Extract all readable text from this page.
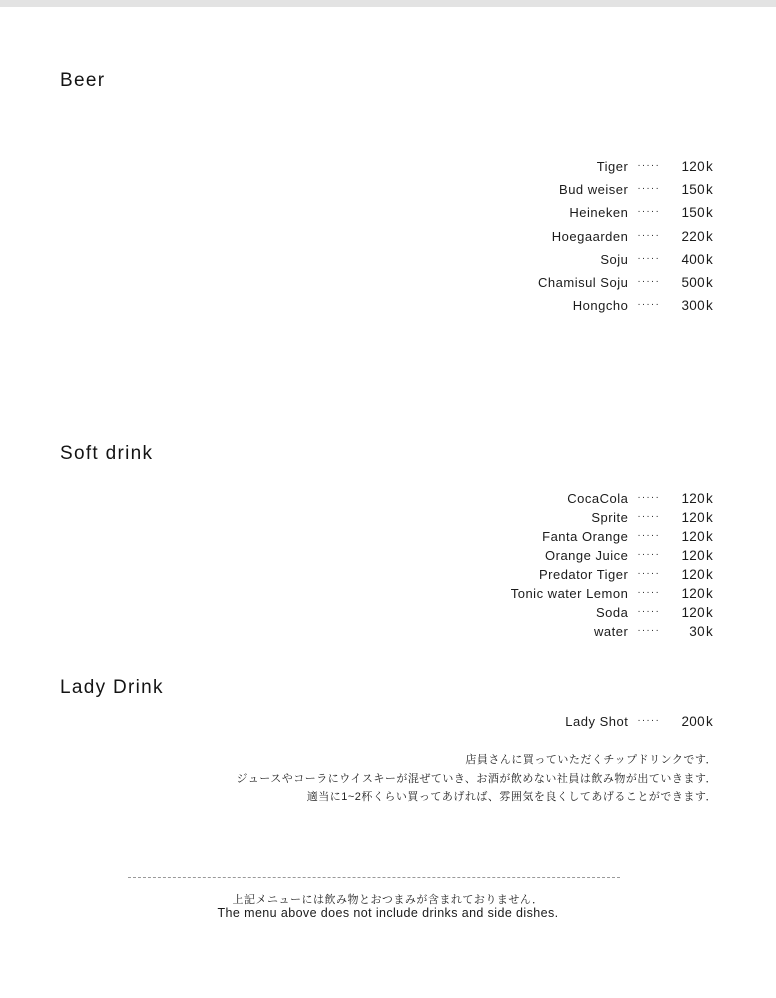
Beer
Tiger ·····	120 k
Bud weiser ·····	150 k
Heineken ·····	150 k
Hoegaarden ·····	220 k
Soju ·····	400 k
Chamisul Soju ·····	500 k
Hongcho ·····	300 k
Soft drink
CocaCola ·····	120 k
Sprite ·····	120 k
Fanta Orange ·····	120 k
Orange Juice ·····	120 k
Predator Tiger ·····	120 k
Tonic water Lemon ·····	120 k
Soda ·····	120 k
water ·····	30 k
Lady Drink
Lady Shot ·····	200 k
店員さんに買っていただくチップドリンクです．
ジュースやコーラにウイスキーが混ぜていき、お酒が飲めない社員は飲み物が出ていきます．
適当に1~2杯くらい買ってあげれば、雰囲気を良くしてあげることができます．
上記メニューには飲み物とおつまみが含まれておりません．
The menu above does not include drinks and side dishes.
